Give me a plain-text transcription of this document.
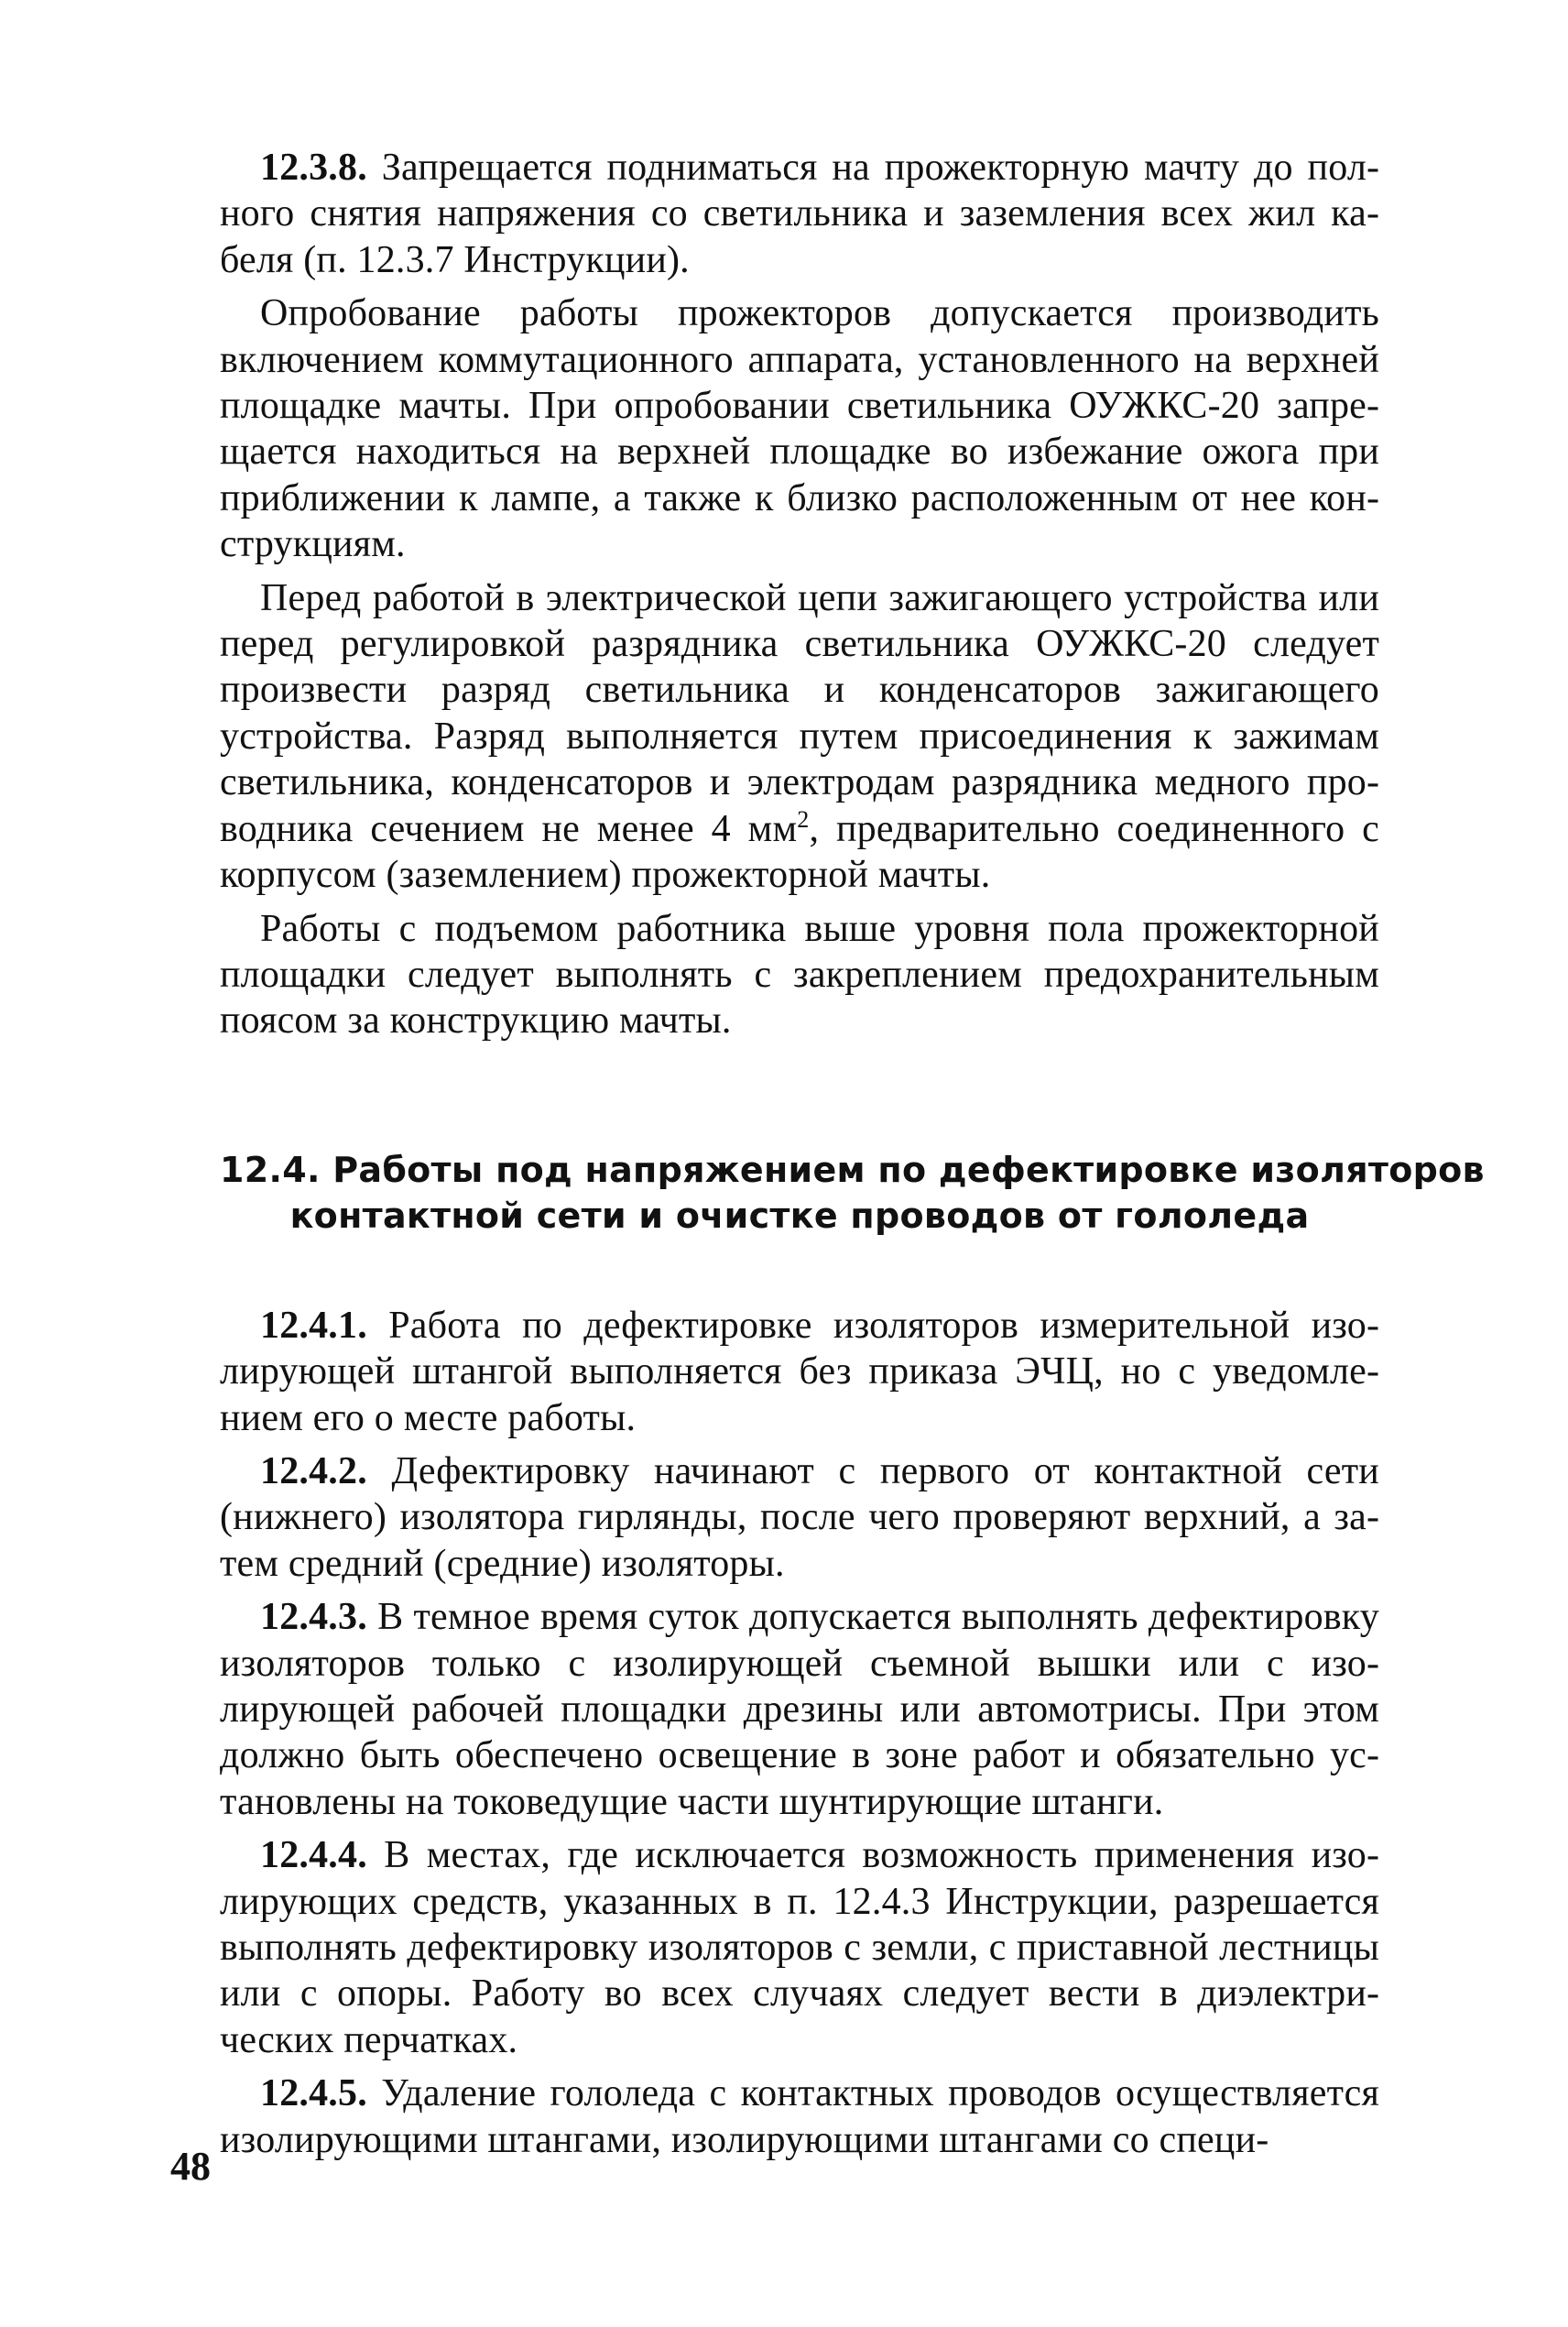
12.3.8. Запрещается подниматься на прожекторную мачту до полного снятия напряжения со светильника и заземления всех жил кабеля (п. 12.3.7 Инструкции).

Опробование работы прожекторов допускается производить включением коммутационного аппарата, установленного на верхней площадке мачты. При опробовании светильника ОУЖКС-20 запрещается находиться на верхней площадке во избежание ожога при приближении к лампе, а также к близко расположенным от нее конструкциям.

Перед работой в электрической цепи зажигающего устройства или перед регулировкой разрядника светильника ОУЖКС-20 следует произвести разряд светильника и конденсаторов зажигающего устройства. Разряд выполняется путем присоединения к зажимам светильника, конденсаторов и электродам разрядника медного проводника сечением не менее 4 $мм^2$, предварительно соединенного с корпусом (заземлением) прожекторной мачты.

Работы с подъемом работника выше уровня пола прожекторной площадки следует выполнять с закреплением предохранительным поясом за конструкцию мачты.

12.4. Работы под напряжением по дефектировке изоляторов
контактной сети и очистке проводов от гололеда

12.4.1. Работа по дефектировке изоляторов измерительной изолирующей штангой выполняется без приказа ЭЧЦ, но с уведомлением его о месте работы.

12.4.2. Дефектировку начинают с первого от контактной сети (нижнего) изолятора гирлянды, после чего проверяют верхний, а затем средний (средние) изоляторы.

12.4.3. В темное время суток допускается выполнять дефектировку изоляторов только с изолирующей съемной вышки или с изолирующей рабочей площадки дрезины или автомотрисы. При этом должно быть обеспечено освещение в зоне работ и обязательно установлены на токоведущие части шунтирующие штанги.

12.4.4. В местах, где исключается возможность применения изолирующих средств, указанных в п. 12.4.3 Инструкции, разрешается выполнять дефектировку изоляторов с земли, с приставной лестницы или с опоры. Работу во всех случаях следует вести в диэлектрических перчатках.

12.4.5. Удаление гололеда с контактных проводов осуществляется изолирующими штангами, изолирующими штангами со специ-

48
